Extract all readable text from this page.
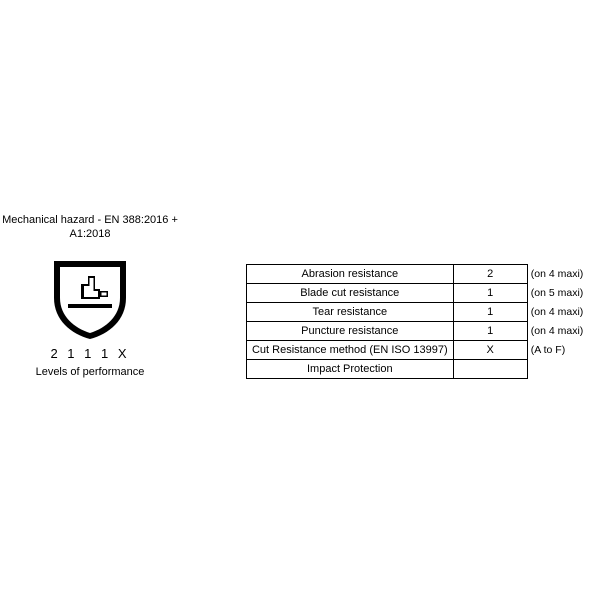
Mechanical hazard - EN 388:2016 +
A1:2018

2 1 1 1 X
Levels of performance
Abrasion resistance	2	(on 4 maxi)
Blade cut resistance	1	(on 5 maxi)
Tear resistance	1	(on 4 maxi)
Puncture resistance	1	(on 4 maxi)
Cut Resistance method (EN ISO 13997)	X	(A to F)
Impact Protection		
